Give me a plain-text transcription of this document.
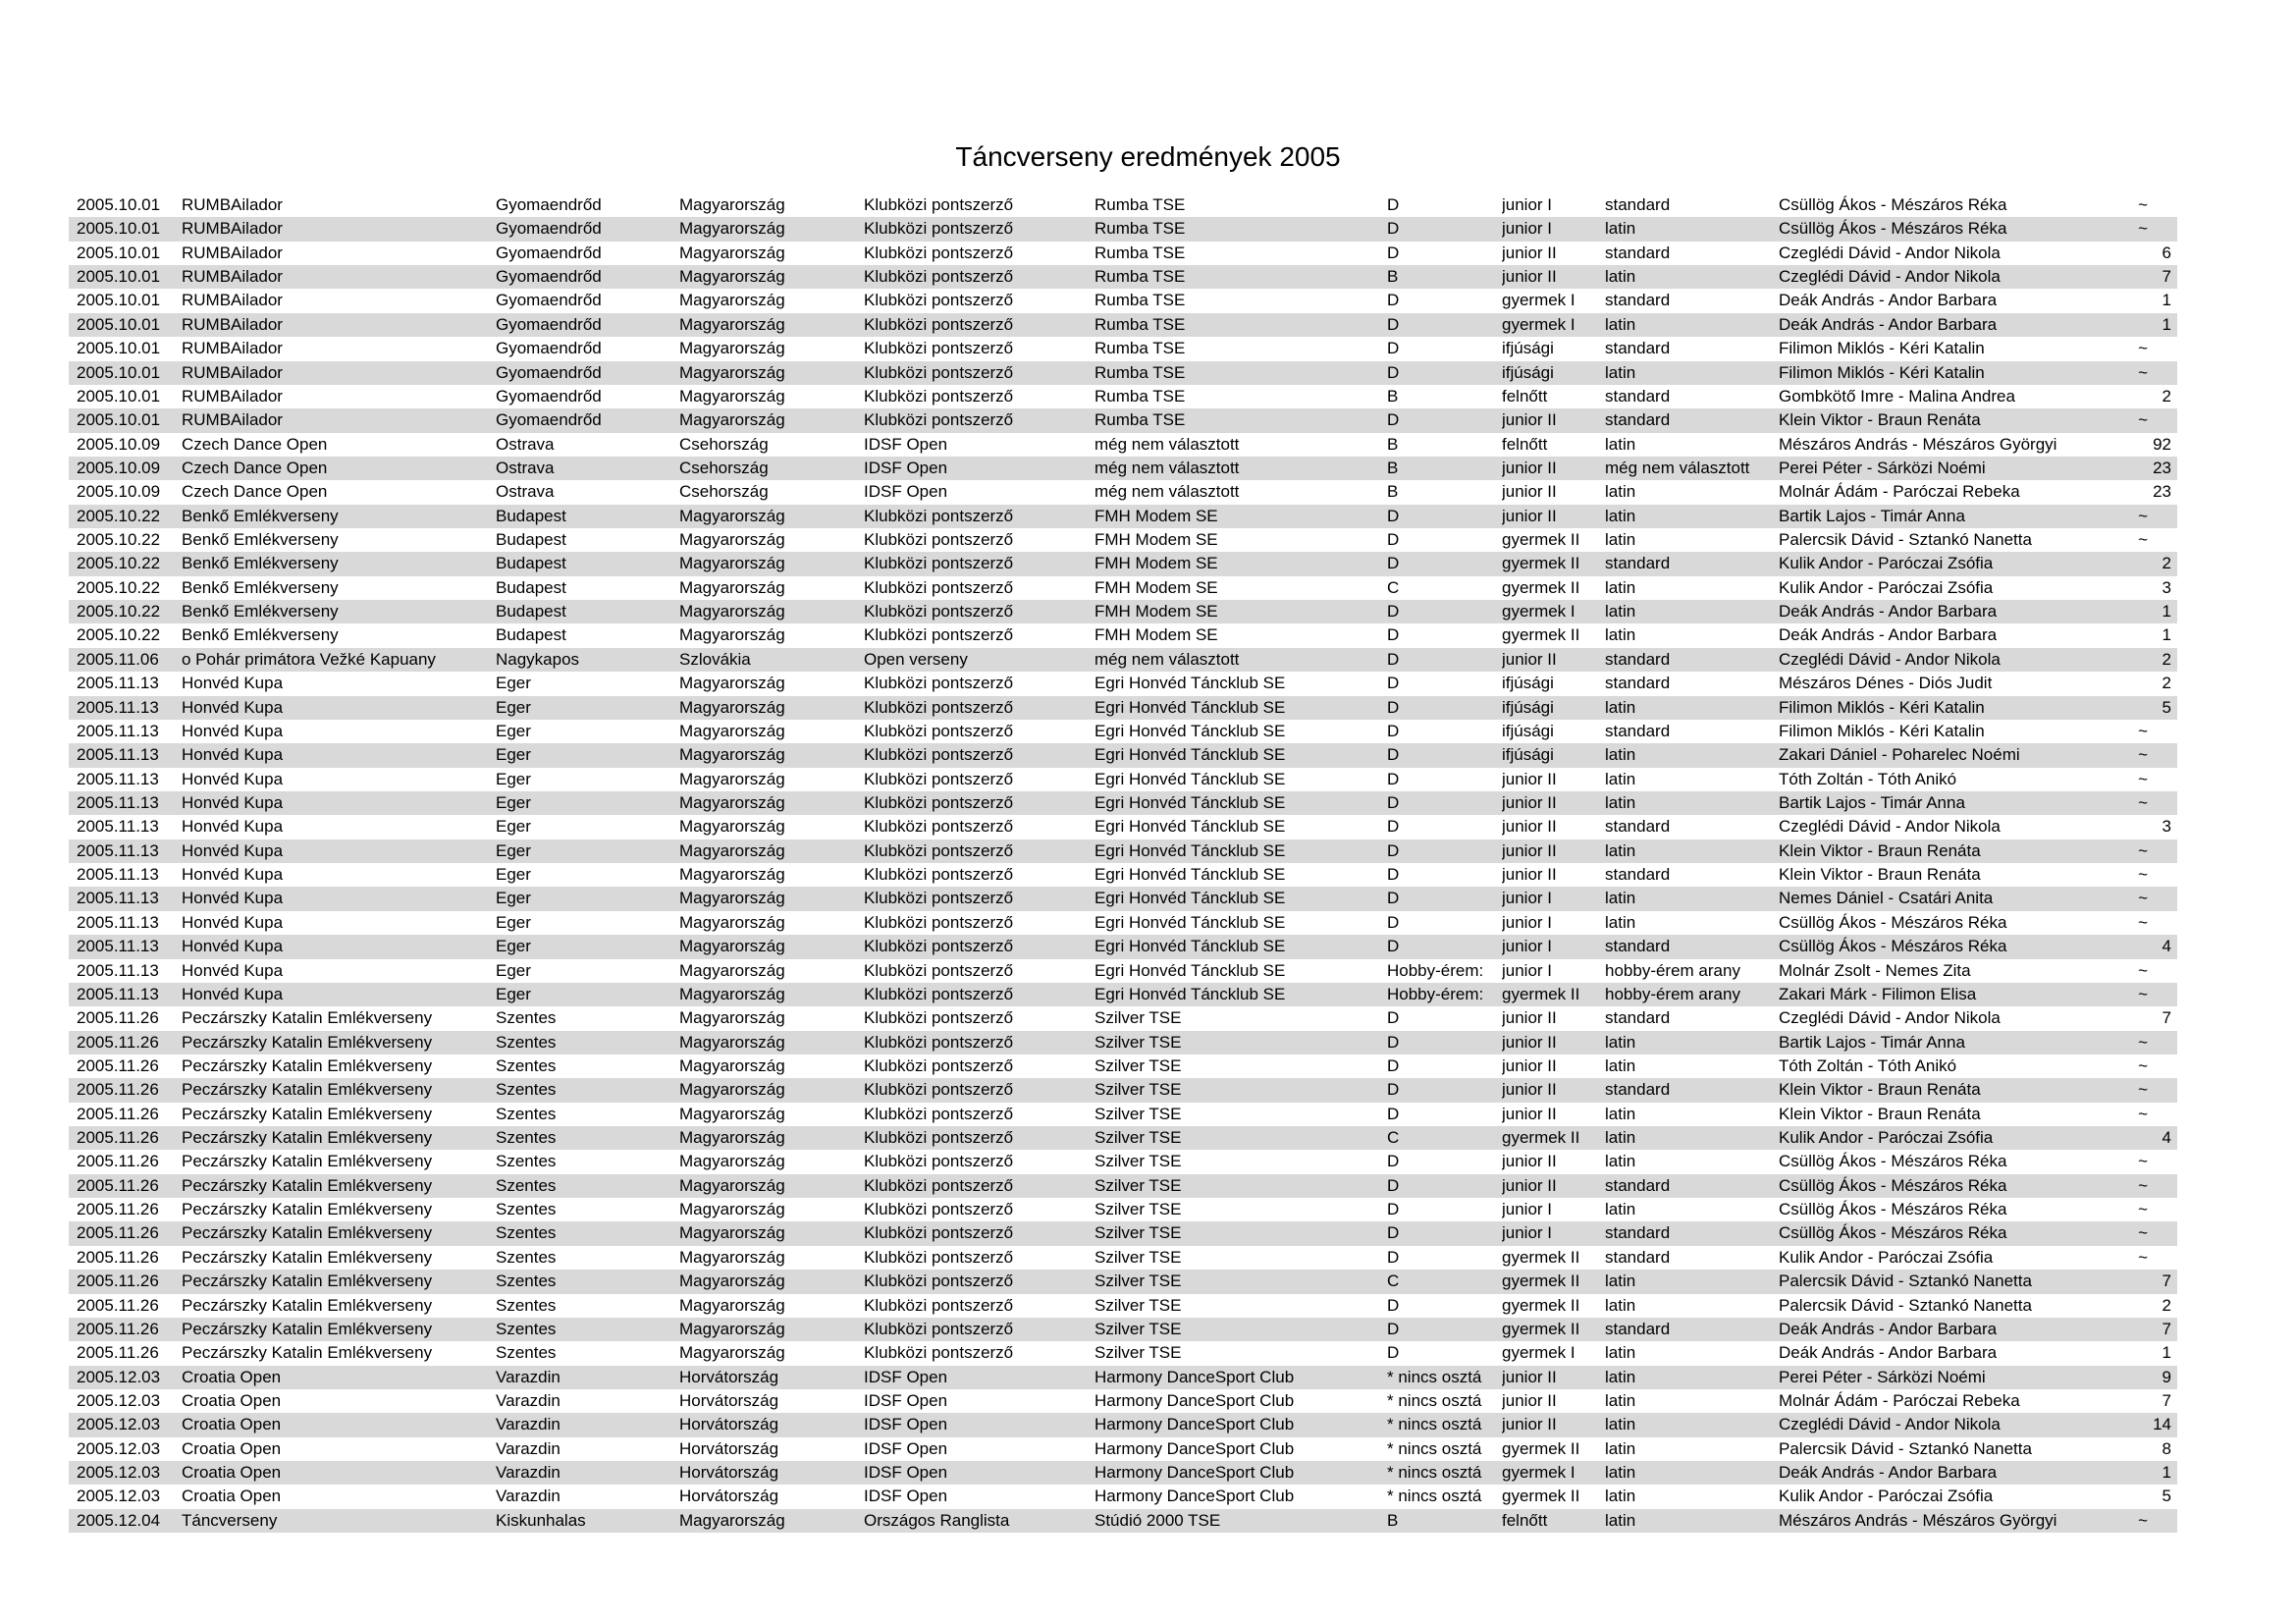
Táncverseny eredmények 2005
2005.10.01	RUMBAilador	Gyomaendrőd	Magyarország	Klubközi pontszerző	Rumba TSE	D	junior I	standard	Csüllög Ákos - Mészáros Réka	~
2005.10.01	RUMBAilador	Gyomaendrőd	Magyarország	Klubközi pontszerző	Rumba TSE	D	junior I	latin	Csüllög Ákos - Mészáros Réka	~
2005.10.01	RUMBAilador	Gyomaendrőd	Magyarország	Klubközi pontszerző	Rumba TSE	D	junior II	standard	Czeglédi Dávid - Andor Nikola	6
2005.10.01	RUMBAilador	Gyomaendrőd	Magyarország	Klubközi pontszerző	Rumba TSE	B	junior II	latin	Czeglédi Dávid - Andor Nikola	7
2005.10.01	RUMBAilador	Gyomaendrőd	Magyarország	Klubközi pontszerző	Rumba TSE	D	gyermek I	standard	Deák András - Andor Barbara	1
2005.10.01	RUMBAilador	Gyomaendrőd	Magyarország	Klubközi pontszerző	Rumba TSE	D	gyermek I	latin	Deák András - Andor Barbara	1
2005.10.01	RUMBAilador	Gyomaendrőd	Magyarország	Klubközi pontszerző	Rumba TSE	D	ifjúsági	standard	Filimon Miklós - Kéri Katalin	~
2005.10.01	RUMBAilador	Gyomaendrőd	Magyarország	Klubközi pontszerző	Rumba TSE	D	ifjúsági	latin	Filimon Miklós - Kéri Katalin	~
2005.10.01	RUMBAilador	Gyomaendrőd	Magyarország	Klubközi pontszerző	Rumba TSE	B	felnőtt	standard	Gombkötő Imre - Malina Andrea	2
2005.10.01	RUMBAilador	Gyomaendrőd	Magyarország	Klubközi pontszerző	Rumba TSE	D	junior II	standard	Klein Viktor - Braun Renáta	~
2005.10.09	Czech Dance Open	Ostrava	Csehország	IDSF Open	még nem választott	B	felnőtt	latin	Mészáros András - Mészáros Györgyi	92
2005.10.09	Czech Dance Open	Ostrava	Csehország	IDSF Open	még nem választott	B	junior II	még nem választott	Perei Péter - Sárközi Noémi	23
2005.10.09	Czech Dance Open	Ostrava	Csehország	IDSF Open	még nem választott	B	junior II	latin	Molnár Ádám - Paróczai Rebeka	23
2005.10.22	Benkő Emlékverseny	Budapest	Magyarország	Klubközi pontszerző	FMH Modem SE	D	junior II	latin	Bartik Lajos - Timár Anna	~
2005.10.22	Benkő Emlékverseny	Budapest	Magyarország	Klubközi pontszerző	FMH Modem SE	D	gyermek II	latin	Palercsik Dávid - Sztankó Nanetta	~
2005.10.22	Benkő Emlékverseny	Budapest	Magyarország	Klubközi pontszerző	FMH Modem SE	D	gyermek II	standard	Kulik Andor - Paróczai Zsófia	2
2005.10.22	Benkő Emlékverseny	Budapest	Magyarország	Klubközi pontszerző	FMH Modem SE	C	gyermek II	latin	Kulik Andor - Paróczai Zsófia	3
2005.10.22	Benkő Emlékverseny	Budapest	Magyarország	Klubközi pontszerző	FMH Modem SE	D	gyermek I	latin	Deák András - Andor Barbara	1
2005.10.22	Benkő Emlékverseny	Budapest	Magyarország	Klubközi pontszerző	FMH Modem SE	D	gyermek II	latin	Deák András - Andor Barbara	1
2005.11.06	o Pohár primátora Vežké Kapuany	Nagykapos	Szlovákia	Open verseny	még nem választott	D	junior II	standard	Czeglédi Dávid - Andor Nikola	2
2005.11.13	Honvéd Kupa	Eger	Magyarország	Klubközi pontszerző	Egri Honvéd Táncklub SE	D	ifjúsági	standard	Mészáros Dénes - Diós Judit	2
2005.11.13	Honvéd Kupa	Eger	Magyarország	Klubközi pontszerző	Egri Honvéd Táncklub SE	D	ifjúsági	latin	Filimon Miklós - Kéri Katalin	5
2005.11.13	Honvéd Kupa	Eger	Magyarország	Klubközi pontszerző	Egri Honvéd Táncklub SE	D	ifjúsági	standard	Filimon Miklós - Kéri Katalin	~
2005.11.13	Honvéd Kupa	Eger	Magyarország	Klubközi pontszerző	Egri Honvéd Táncklub SE	D	ifjúsági	latin	Zakari Dániel - Poharelec Noémi	~
2005.11.13	Honvéd Kupa	Eger	Magyarország	Klubközi pontszerző	Egri Honvéd Táncklub SE	D	junior II	latin	Tóth Zoltán - Tóth Anikó	~
2005.11.13	Honvéd Kupa	Eger	Magyarország	Klubközi pontszerző	Egri Honvéd Táncklub SE	D	junior II	latin	Bartik Lajos - Timár Anna	~
2005.11.13	Honvéd Kupa	Eger	Magyarország	Klubközi pontszerző	Egri Honvéd Táncklub SE	D	junior II	standard	Czeglédi Dávid - Andor Nikola	3
2005.11.13	Honvéd Kupa	Eger	Magyarország	Klubközi pontszerző	Egri Honvéd Táncklub SE	D	junior II	latin	Klein Viktor - Braun Renáta	~
2005.11.13	Honvéd Kupa	Eger	Magyarország	Klubközi pontszerző	Egri Honvéd Táncklub SE	D	junior II	standard	Klein Viktor - Braun Renáta	~
2005.11.13	Honvéd Kupa	Eger	Magyarország	Klubközi pontszerző	Egri Honvéd Táncklub SE	D	junior I	latin	Nemes Dániel - Csatári Anita	~
2005.11.13	Honvéd Kupa	Eger	Magyarország	Klubközi pontszerző	Egri Honvéd Táncklub SE	D	junior I	latin	Csüllög Ákos - Mészáros Réka	~
2005.11.13	Honvéd Kupa	Eger	Magyarország	Klubközi pontszerző	Egri Honvéd Táncklub SE	D	junior I	standard	Csüllög Ákos - Mészáros Réka	4
2005.11.13	Honvéd Kupa	Eger	Magyarország	Klubközi pontszerző	Egri Honvéd Táncklub SE	Hobby-érem:	junior I	hobby-érem arany	Molnár Zsolt - Nemes Zita	~
2005.11.13	Honvéd Kupa	Eger	Magyarország	Klubközi pontszerző	Egri Honvéd Táncklub SE	Hobby-érem:	gyermek II	hobby-érem arany	Zakari Márk - Filimon Elisa	~
2005.11.26	Peczárszky Katalin Emlékverseny	Szentes	Magyarország	Klubközi pontszerző	Szilver TSE	D	junior II	standard	Czeglédi Dávid - Andor Nikola	7
2005.11.26	Peczárszky Katalin Emlékverseny	Szentes	Magyarország	Klubközi pontszerző	Szilver TSE	D	junior II	latin	Bartik Lajos - Timár Anna	~
2005.11.26	Peczárszky Katalin Emlékverseny	Szentes	Magyarország	Klubközi pontszerző	Szilver TSE	D	junior II	latin	Tóth Zoltán - Tóth Anikó	~
2005.11.26	Peczárszky Katalin Emlékverseny	Szentes	Magyarország	Klubközi pontszerző	Szilver TSE	D	junior II	standard	Klein Viktor - Braun Renáta	~
2005.11.26	Peczárszky Katalin Emlékverseny	Szentes	Magyarország	Klubközi pontszerző	Szilver TSE	D	junior II	latin	Klein Viktor - Braun Renáta	~
2005.11.26	Peczárszky Katalin Emlékverseny	Szentes	Magyarország	Klubközi pontszerző	Szilver TSE	C	gyermek II	latin	Kulik Andor - Paróczai Zsófia	4
2005.11.26	Peczárszky Katalin Emlékverseny	Szentes	Magyarország	Klubközi pontszerző	Szilver TSE	D	junior II	latin	Csüllög Ákos - Mészáros Réka	~
2005.11.26	Peczárszky Katalin Emlékverseny	Szentes	Magyarország	Klubközi pontszerző	Szilver TSE	D	junior II	standard	Csüllög Ákos - Mészáros Réka	~
2005.11.26	Peczárszky Katalin Emlékverseny	Szentes	Magyarország	Klubközi pontszerző	Szilver TSE	D	junior I	latin	Csüllög Ákos - Mészáros Réka	~
2005.11.26	Peczárszky Katalin Emlékverseny	Szentes	Magyarország	Klubközi pontszerző	Szilver TSE	D	junior I	standard	Csüllög Ákos - Mészáros Réka	~
2005.11.26	Peczárszky Katalin Emlékverseny	Szentes	Magyarország	Klubközi pontszerző	Szilver TSE	D	gyermek II	standard	Kulik Andor - Paróczai Zsófia	~
2005.11.26	Peczárszky Katalin Emlékverseny	Szentes	Magyarország	Klubközi pontszerző	Szilver TSE	C	gyermek II	latin	Palercsik Dávid - Sztankó Nanetta	7
2005.11.26	Peczárszky Katalin Emlékverseny	Szentes	Magyarország	Klubközi pontszerző	Szilver TSE	D	gyermek II	latin	Palercsik Dávid - Sztankó Nanetta	2
2005.11.26	Peczárszky Katalin Emlékverseny	Szentes	Magyarország	Klubközi pontszerző	Szilver TSE	D	gyermek II	standard	Deák András - Andor Barbara	7
2005.11.26	Peczárszky Katalin Emlékverseny	Szentes	Magyarország	Klubközi pontszerző	Szilver TSE	D	gyermek I	latin	Deák András - Andor Barbara	1
2005.12.03	Croatia Open	Varazdin	Horvátország	IDSF Open	Harmony DanceSport Club	* nincs osztá	junior II	latin	Perei Péter - Sárközi Noémi	9
2005.12.03	Croatia Open	Varazdin	Horvátország	IDSF Open	Harmony DanceSport Club	* nincs osztá	junior II	latin	Molnár Ádám - Paróczai Rebeka	7
2005.12.03	Croatia Open	Varazdin	Horvátország	IDSF Open	Harmony DanceSport Club	* nincs osztá	junior II	latin	Czeglédi Dávid - Andor Nikola	14
2005.12.03	Croatia Open	Varazdin	Horvátország	IDSF Open	Harmony DanceSport Club	* nincs osztá	gyermek II	latin	Palercsik Dávid - Sztankó Nanetta	8
2005.12.03	Croatia Open	Varazdin	Horvátország	IDSF Open	Harmony DanceSport Club	* nincs osztá	gyermek I	latin	Deák András - Andor Barbara	1
2005.12.03	Croatia Open	Varazdin	Horvátország	IDSF Open	Harmony DanceSport Club	* nincs osztá	gyermek II	latin	Kulik Andor - Paróczai Zsófia	5
2005.12.04	Táncverseny	Kiskunhalas	Magyarország	Országos Ranglista	Stúdió 2000 TSE	B	felnőtt	latin	Mészáros András - Mészáros Györgyi	~
